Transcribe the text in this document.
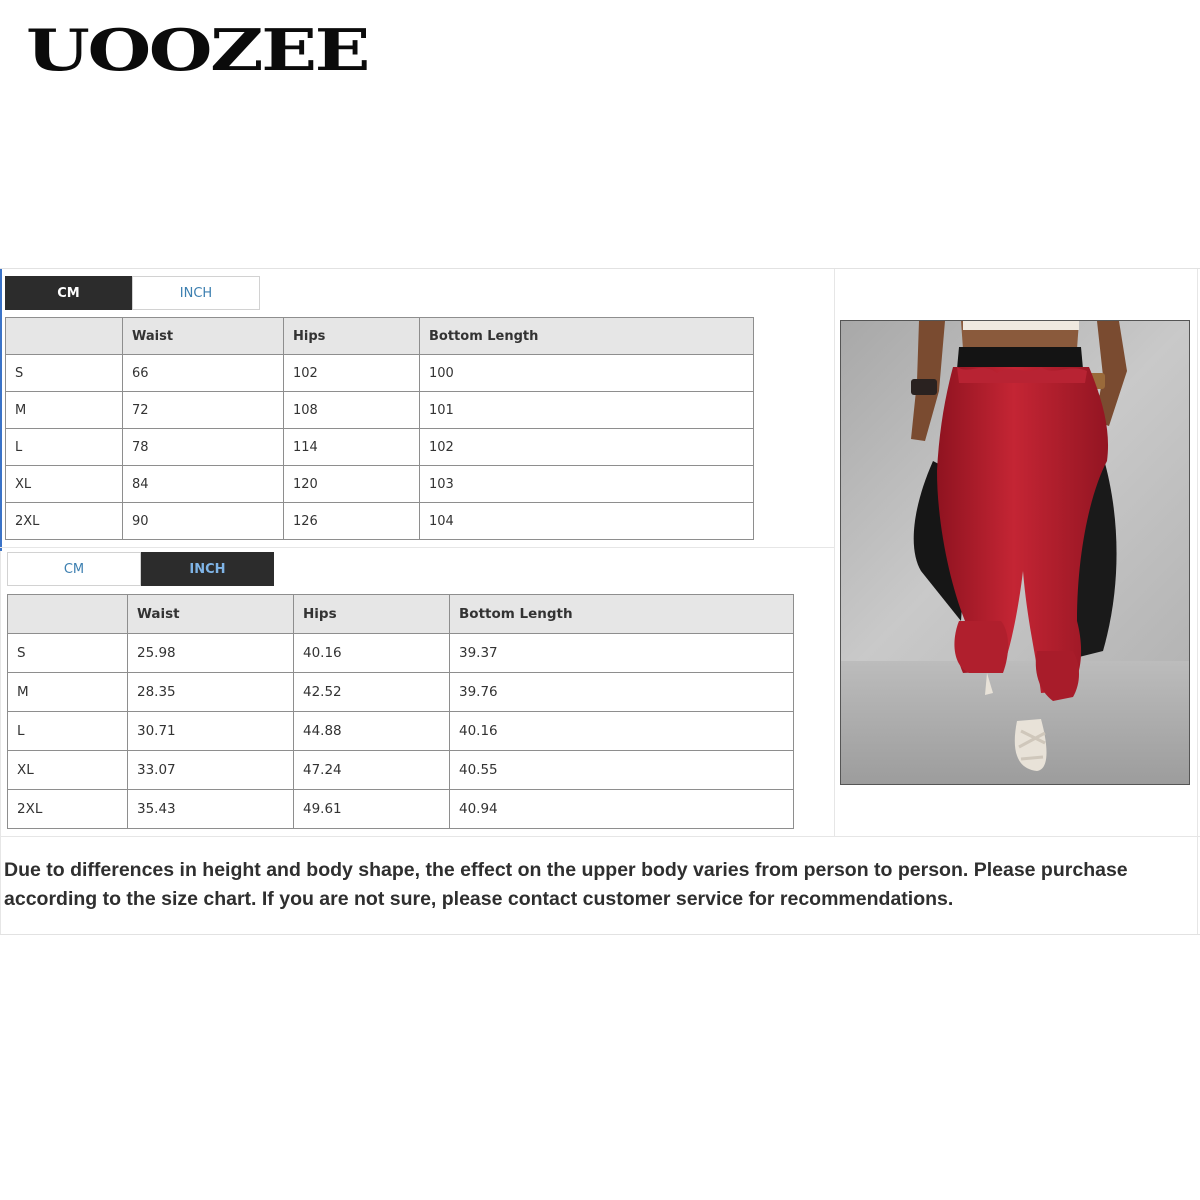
UOOZEE
CM	INCH
	Waist	Hips	Bottom Length
S	66	102	100
M	72	108	101
L	78	114	102
XL	84	120	103
2XL	90	126	104
CM	INCH
	Waist	Hips	Bottom Length
S	25.98	40.16	39.37
M	28.35	42.52	39.76
L	30.71	44.88	40.16
XL	33.07	47.24	40.55
2XL	35.43	49.61	40.94
Due to differences in height and body shape, the effect on the upper body varies from person to person. Please purchase according to the size chart. If you are not sure, please contact customer service for recommendations.
